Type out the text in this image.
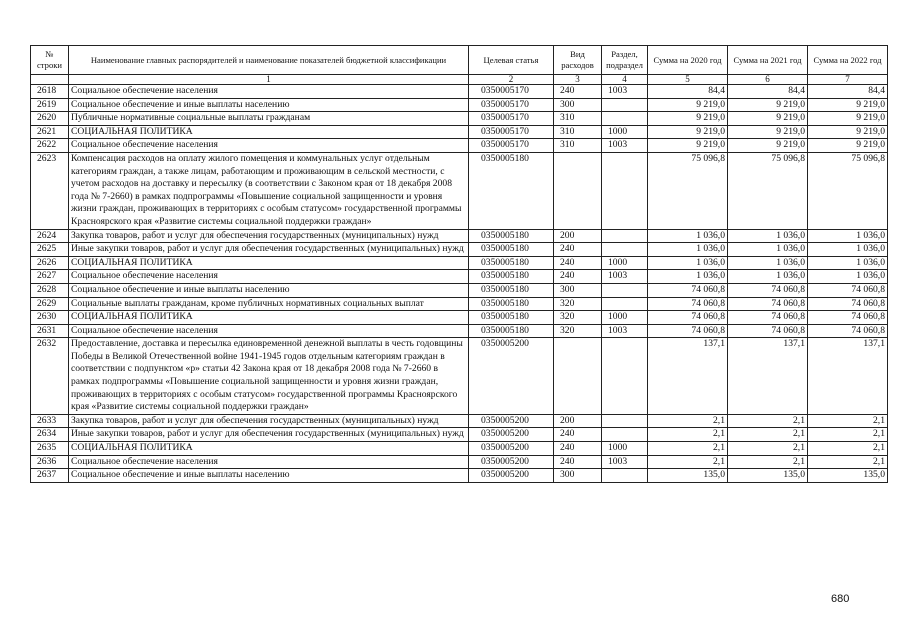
№ строки	Наименование главных распорядителей и наименование показателей бюджетной классификации	Целевая статья	Вид расходов	Раздел, подраздел	Сумма на 2020 год	Сумма на 2021 год	Сумма на 2022 год
	1	2	3	4	5	6	7
2618	Социальное обеспечение населения	0350005170	240	1003	84,4	84,4	84,4
2619	Социальное обеспечение и иные выплаты населению	0350005170	300		9 219,0	9 219,0	9 219,0
2620	Публичные нормативные социальные выплаты гражданам	0350005170	310		9 219,0	9 219,0	9 219,0
2621	СОЦИАЛЬНАЯ ПОЛИТИКА	0350005170	310	1000	9 219,0	9 219,0	9 219,0
2622	Социальное обеспечение населения	0350005170	310	1003	9 219,0	9 219,0	9 219,0
2623	Компенсация расходов на оплату жилого помещения и коммунальных услуг отдельным категориям граждан, а также лицам, работающим и проживающим в сельской местности, с учетом расходов на доставку и пересылку (в соответствии с Законом края от 18 декабря 2008 года № 7-2660) в рамках подпрограммы «Повышение социальной защищенности и уровня жизни граждан, проживающих в территориях с особым статусом» государственной программы Красноярского края «Развитие системы социальной поддержки граждан»	0350005180			75 096,8	75 096,8	75 096,8
2624	Закупка товаров, работ и услуг для обеспечения государственных (муниципальных) нужд	0350005180	200		1 036,0	1 036,0	1 036,0
2625	Иные закупки товаров, работ и услуг для обеспечения государственных (муниципальных) нужд	0350005180	240		1 036,0	1 036,0	1 036,0
2626	СОЦИАЛЬНАЯ ПОЛИТИКА	0350005180	240	1000	1 036,0	1 036,0	1 036,0
2627	Социальное обеспечение населения	0350005180	240	1003	1 036,0	1 036,0	1 036,0
2628	Социальное обеспечение и иные выплаты населению	0350005180	300		74 060,8	74 060,8	74 060,8
2629	Социальные выплаты гражданам, кроме публичных нормативных социальных выплат	0350005180	320		74 060,8	74 060,8	74 060,8
2630	СОЦИАЛЬНАЯ ПОЛИТИКА	0350005180	320	1000	74 060,8	74 060,8	74 060,8
2631	Социальное обеспечение населения	0350005180	320	1003	74 060,8	74 060,8	74 060,8
2632	Предоставление, доставка и пересылка единовременной денежной выплаты в честь годовщины Победы в Великой Отечественной войне 1941-1945 годов отдельным категориям граждан в соответствии с подпунктом «р» статьи 42 Закона края от 18 декабря 2008 года № 7-2660 в рамках подпрограммы «Повышение социальной защищенности и уровня жизни граждан, проживающих в территориях с особым статусом» государственной программы Красноярского края «Развитие системы социальной поддержки граждан»	0350005200			137,1	137,1	137,1
2633	Закупка товаров, работ и услуг для обеспечения государственных (муниципальных) нужд	0350005200	200		2,1	2,1	2,1
2634	Иные закупки товаров, работ и услуг для обеспечения государственных (муниципальных) нужд	0350005200	240		2,1	2,1	2,1
2635	СОЦИАЛЬНАЯ ПОЛИТИКА	0350005200	240	1000	2,1	2,1	2,1
2636	Социальное обеспечение населения	0350005200	240	1003	2,1	2,1	2,1
2637	Социальное обеспечение и иные выплаты населению	0350005200	300		135,0	135,0	135,0
680
